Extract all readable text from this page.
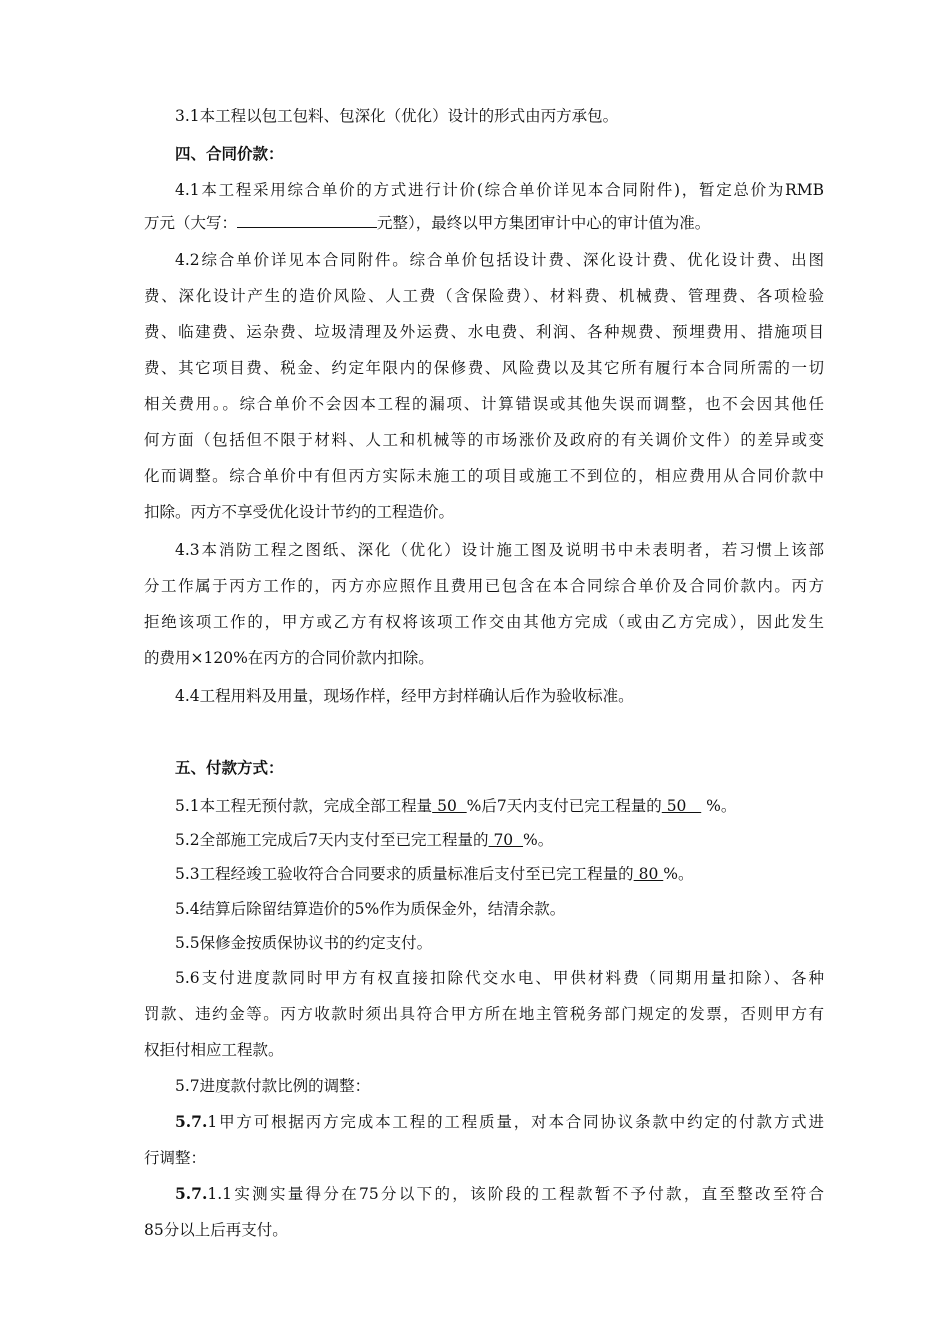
3.1本工程以包工包料、包深化（优化）设计的形式由丙方承包。
四、合同价款：
4.1本工程采用综合单价的方式进行计价(综合单价详见本合同附件)，暂定总价为RMB
万元（大写：	元整），最终以甲方集团审计中心的审计值为准。
4.2综合单价详见本合同附件。综合单价包括设计费、深化设计费、优化设计费、出图
费、深化设计产生的造价风险、人工费（含保险费）、材料费、机械费、管理费、各项检验
费、临建费、运杂费、垃圾清理及外运费、水电费、利润、各种规费、预埋费用、措施项目
费、其它项目费、税金、约定年限内的保修费、风险费以及其它所有履行本合同所需的一切
相关费用。。综合单价不会因本工程的漏项、计算错误或其他失误而调整，也不会因其他任
何方面（包括但不限于材料、人工和机械等的市场涨价及政府的有关调价文件）的差异或变
化而调整。综合单价中有但丙方实际未施工的项目或施工不到位的，相应费用从合同价款中
扣除。丙方不享受优化设计节约的工程造价。
4.3本消防工程之图纸、深化（优化）设计施工图及说明书中未表明者，若习惯上该部
分工作属于丙方工作的，丙方亦应照作且费用已包含在本合同综合单价及合同价款内。丙方
拒绝该项工作的，甲方或乙方有权将该项工作交由其他方完成（或由乙方完成），因此发生
的费用×120%在丙方的合同价款内扣除。
4.4工程用料及用量，现场作样，经甲方封样确认后作为验收标准。
五、付款方式：
5.1本工程无预付款，完成全部工程量 50  %后7天内支付已完工程量的 50    %。
5.2全部施工完成后7天内支付至已完工程量的 70  %。
5.3工程经竣工验收符合合同要求的质量标准后支付至已完工程量的 80 %。
5.4结算后除留结算造价的5%作为质保金外，结清余款。
5.5保修金按质保协议书的约定支付。
5.6支付进度款同时甲方有权直接扣除代交水电、甲供材料费（同期用量扣除）、各种
罚款、违约金等。丙方收款时须出具符合甲方所在地主管税务部门规定的发票，否则甲方有
权拒付相应工程款。
5.7进度款付款比例的调整：
5.7.1甲方可根据丙方完成本工程的工程质量，对本合同协议条款中约定的付款方式进
行调整：
5.7.1.1实测实量得分在75分以下的，该阶段的工程款暂不予付款，直至整改至符合
85分以上后再支付。
